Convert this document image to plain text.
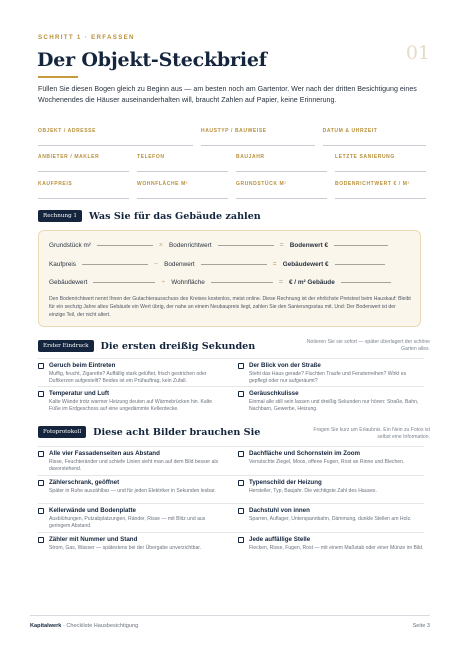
SCHRITT 1 · ERFASSEN
01
Der Objekt-Steckbrief

Füllen Sie diesen Bogen gleich zu Beginn aus — am besten noch am Gartentor. Wer nach der dritten Besichtigung eines Wochenendes die Häuser auseinanderhalten will, braucht Zahlen auf Papier, keine Erinnerung.

OBJEKT / ADRESSE	HAUSTYP / BAUWEISE	DATUM & UHRZEIT
ANBIETER / MAKLER	TELEFON	BAUJAHR	LETZTE SANIERUNG
KAUFPREIS	WOHNFLÄCHE M²	GRUNDSTÜCK M²	BODENRICHTWERT € / M²
Rechnung 1	Was Sie für das Gebäude zahlen
Grundstück m²	× Bodenrichtwert	= Bodenwert €
Kaufpreis	− Bodenwert	= Gebäudewert €
Gebäudewert	÷ Wohnfläche	= € / m² Gebäude

Den Bodenrichtwert nennt Ihnen der Gutachterausschuss des Kreises kostenlos, meist online. Diese Rechnung ist der ehrlichste Preistest beim Hauskauf: Bleibt für ein sechzig Jahre altes Gebäude ein Wert übrig, der nahe an einem Neubaupreis liegt, zahlen Sie den Sanierungsstau mit. Und: Der Bodenwert ist der einzige Teil, der nicht altert.

Erster Eindruck	Die ersten dreißig Sekunden	Notieren Sie sie sofort — später überlagert der schöne Garten alles.

Geruch beim Eintreten
Muffig, feucht, Zigarette? Auffällig stark gelüftet, frisch gestrichen oder Duftkerzen aufgestellt? Beides ist ein Prüfauftrag, kein Zufall.
Der Blick von der Straße
Steht das Haus gerade? Fluchten Traufe und Fensterreihen? Wirkt es gepflegt oder nur aufgeräumt?
Temperatur und Luft
Kalte Wände trotz warmer Heizung deuten auf Wärmebrücken hin. Kalte Füße im Erdgeschoss auf eine ungedämmte Kellerdecke.
Geräuschkulisse
Einmal alle still sein lassen und dreißig Sekunden nur hören: Straße, Bahn, Nachbarn, Gewerbe, Heizung.
Fotoprotokoll	Diese acht Bilder brauchen Sie	Fragen Sie kurz um Erlaubnis. Ein Nein zu Fotos ist selbst eine Information.

Alle vier Fassadenseiten aus Abstand
Risse, Feuchteränder und schiefe Linien sieht man auf dem Bild besser als davorstehend.
Dachfläche und Schornstein im Zoom
Verrutschte Ziegel, Moos, offene Fugen, Rost an Rinne und Blechen.
Zählerschrank, geöffnet
Später in Ruhe auszählbar — und für jeden Elektriker in Sekunden lesbar.
Typenschild der Heizung
Hersteller, Typ, Baujahr. Die wichtigste Zahl des Hauses.
Kellerwände und Bodenplatte
Ausblühungen, Putzabplatzungen, Ränder, Risse — mit Blitz und aus geringem Abstand.
Dachstuhl von innen
Sparren, Auflager, Unterspannbahn, Dämmung, dunkle Stellen am Holz.
Zähler mit Nummer und Stand
Strom, Gas, Wasser — spätestens bei der Übergabe unverzichtbar.
Jede auffällige Stelle
Flecken, Risse, Fugen, Rost — mit einem Maßstab oder einer Münze im Bild.
Kapitalwerk · Checkliste Hausbesichtigung	Seite 3
